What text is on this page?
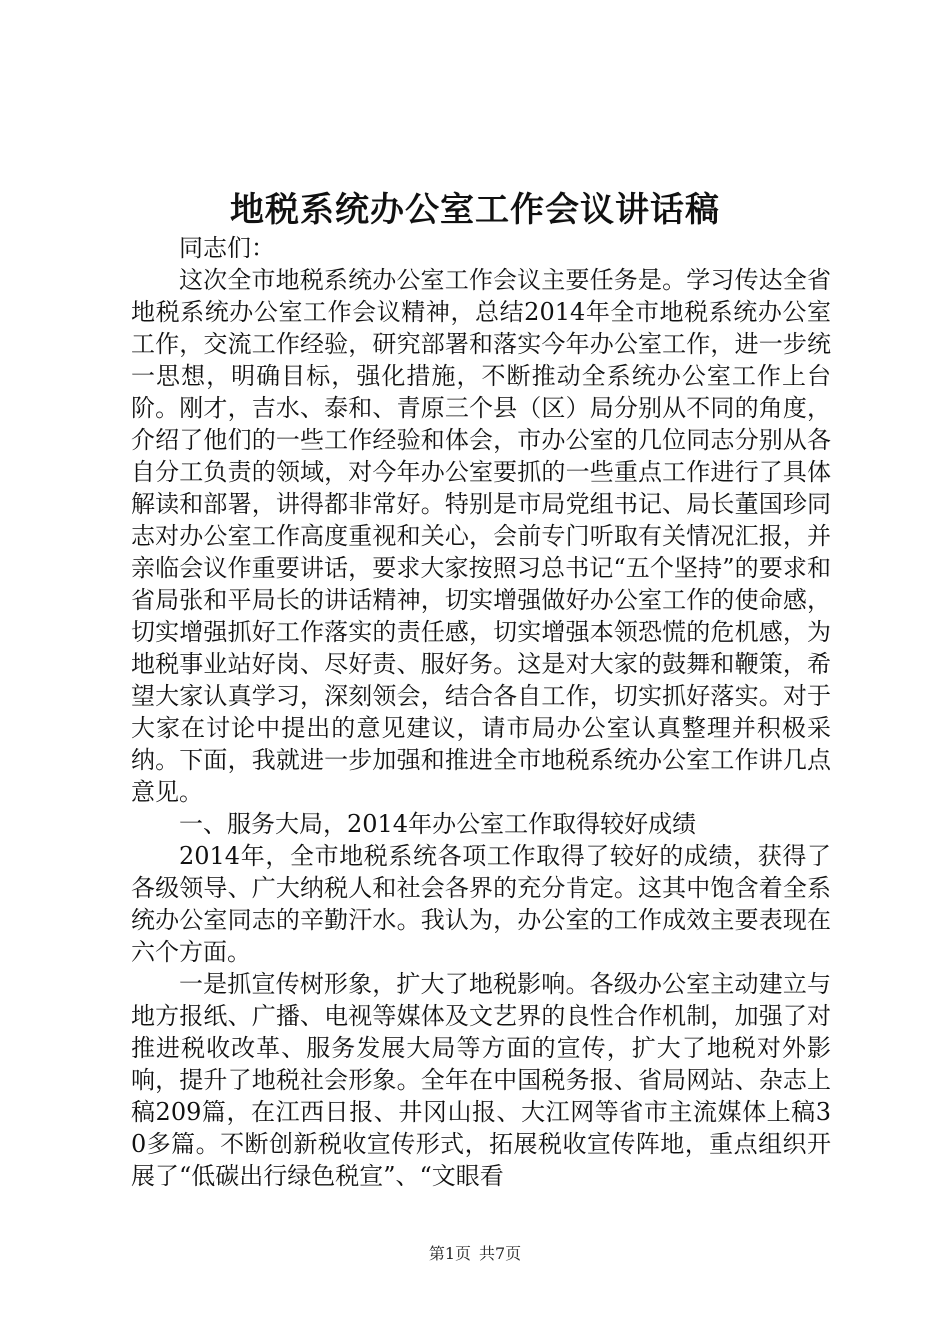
地税系统办公室工作会议讲话稿

同志们：

这次全市地税系统办公室工作会议主要任务是。学习传达全省地税系统办公室工作会议精神，总结2014年全市地税系统办公室工作，交流工作经验，研究部署和落实今年办公室工作，进一步统一思想，明确目标，强化措施，不断推动全系统办公室工作上台阶。刚才，吉水、泰和、青原三个县（区）局分别从不同的角度，介绍了他们的一些工作经验和体会，市办公室的几位同志分别从各自分工负责的领域，对今年办公室要抓的一些重点工作进行了具体解读和部署，讲得都非常好。特别是市局党组书记、局长董国珍同志对办公室工作高度重视和关心，会前专门听取有关情况汇报，并亲临会议作重要讲话，要求大家按照习总书记“五个坚持”的要求和省局张和平局长的讲话精神，切实增强做好办公室工作的使命感，切实增强抓好工作落实的责任感，切实增强本领恐慌的危机感，为地税事业站好岗、尽好责、服好务。这是对大家的鼓舞和鞭策，希望大家认真学习，深刻领会，结合各自工作，切实抓好落实。对于大家在讨论中提出的意见建议，请市局办公室认真整理并积极采纳。下面，我就进一步加强和推进全市地税系统办公室工作讲几点意见。

一、服务大局，2014年办公室工作取得较好成绩

2014年，全市地税系统各项工作取得了较好的成绩，获得了各级领导、广大纳税人和社会各界的充分肯定。这其中饱含着全系统办公室同志的辛勤汗水。我认为，办公室的工作成效主要表现在六个方面。

一是抓宣传树形象，扩大了地税影响。各级办公室主动建立与地方报纸、广播、电视等媒体及文艺界的良性合作机制，加强了对推进税收改革、服务发展大局等方面的宣传，扩大了地税对外影响，提升了地税社会形象。全年在中国税务报、省局网站、杂志上稿209篇，在江西日报、井冈山报、大江网等省市主流媒体上稿30多篇。不断创新税收宣传形式，拓展税收宣传阵地，重点组织开展了“低碳出行绿色税宣”、“文眼看

第1页 共7页
